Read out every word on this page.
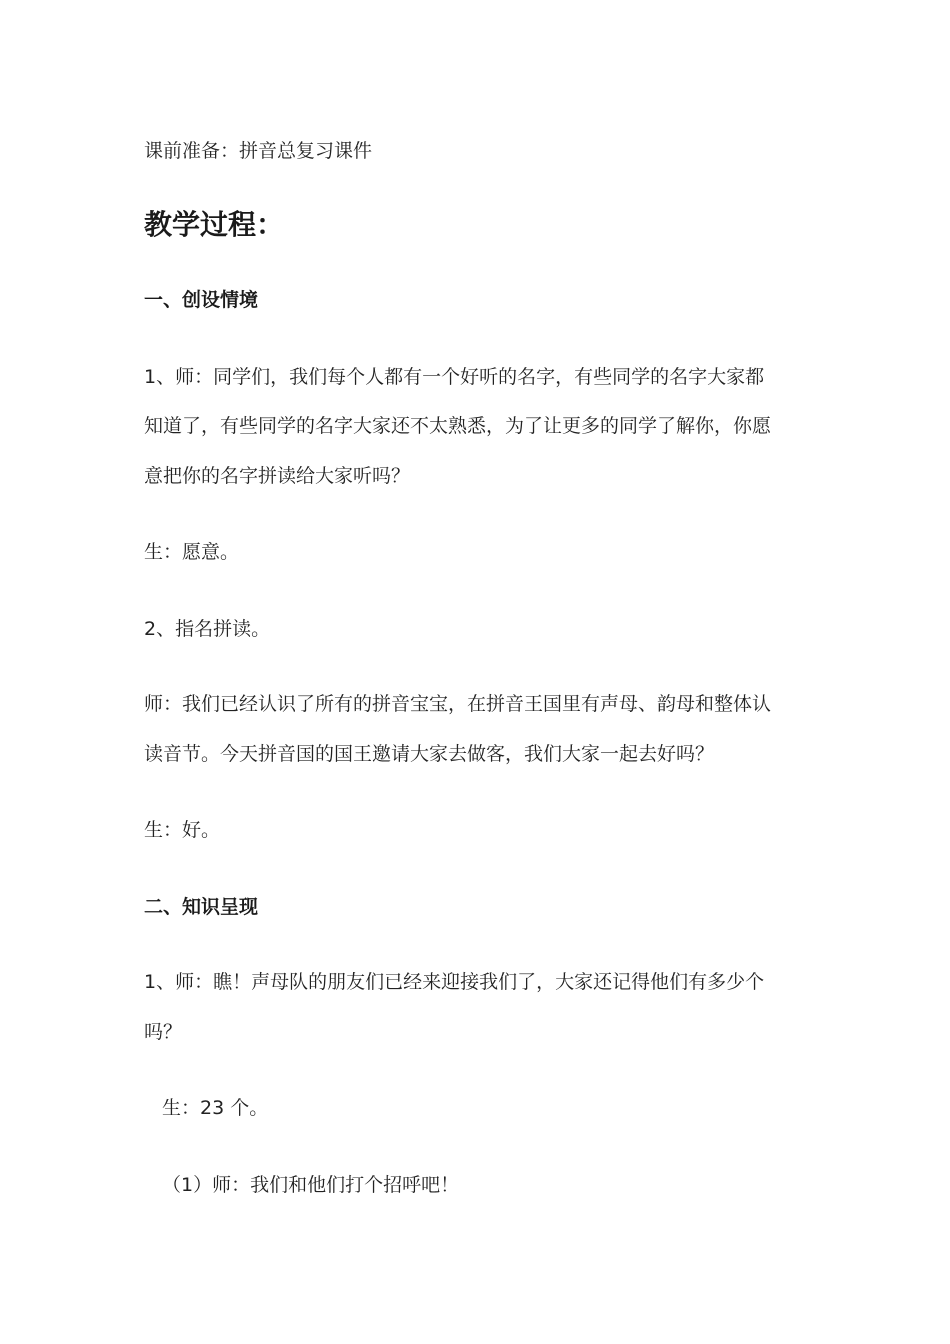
课前准备：拼音总复习课件
教学过程：
一、创设情境
1、师：同学们，我们每个人都有一个好听的名字，有些同学的名字大家都
知道了，有些同学的名字大家还不太熟悉，为了让更多的同学了解你，你愿
意把你的名字拼读给大家听吗？
生：愿意。
2、指名拼读。
师：我们已经认识了所有的拼音宝宝，在拼音王国里有声母、韵母和整体认
读音节。今天拼音国的国王邀请大家去做客，我们大家一起去好吗？
生：好。
二、知识呈现
1、师：瞧！声母队的朋友们已经来迎接我们了，大家还记得他们有多少个
吗？
生：23 个。
（1）师：我们和他们打个招呼吧！
